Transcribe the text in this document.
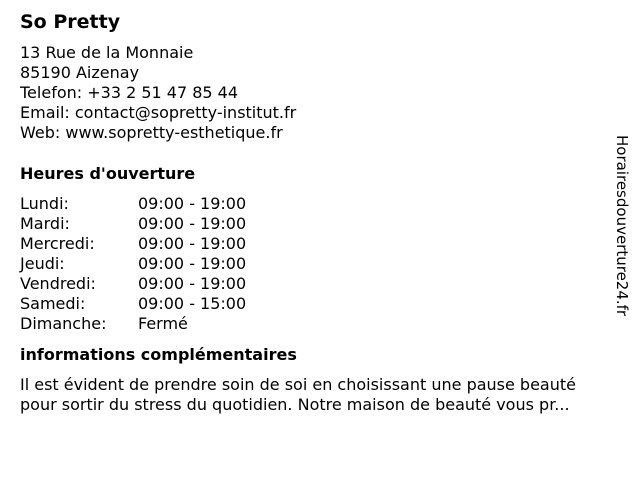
So Pretty
13 Rue de la Monnaie
85190 Aizenay
Telefon: +33 2 51 47 85 44
Email: contact@sopretty-institut.fr
Web: www.sopretty-esthetique.fr
Heures d'ouverture
Lundi:	09:00 - 19:00
Mardi:	09:00 - 19:00
Mercredi:	09:00 - 19:00
Jeudi:	09:00 - 19:00
Vendredi:	09:00 - 19:00
Samedi:	09:00 - 15:00
Dimanche:	Fermé
informations complémentaires
Il est évident de prendre soin de soi en choisissant une pause beauté
pour sortir du stress du quotidien. Notre maison de beauté vous pr...
Horairesdouverture24.fr
